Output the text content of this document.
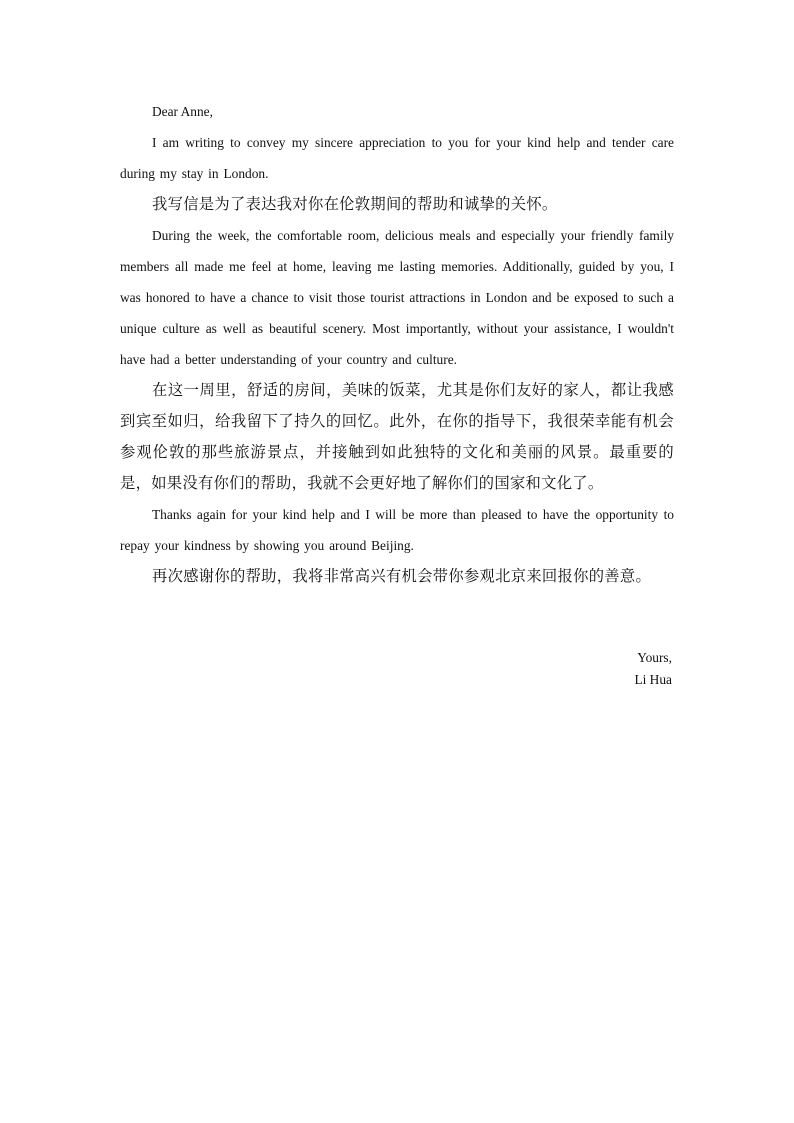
Dear Anne,

I am writing to convey my sincere appreciation to you for your kind help and tender care during my stay in London.

我写信是为了表达我对你在伦敦期间的帮助和诚挚的关怀。

During the week, the comfortable room, delicious meals and especially your friendly family members all made me feel at home, leaving me lasting memories. Additionally, guided by you, I was honored to have a chance to visit those tourist attractions in London and be exposed to such a unique culture as well as beautiful scenery. Most importantly, without your assistance, I wouldn't have had a better understanding of your country and culture.

在这一周里，舒适的房间，美味的饭菜，尤其是你们友好的家人，都让我感到宾至如归，给我留下了持久的回忆。此外，在你的指导下，我很荣幸能有机会参观伦敦的那些旅游景点，并接触到如此独特的文化和美丽的风景。最重要的是，如果没有你们的帮助，我就不会更好地了解你们的国家和文化了。

Thanks again for your kind help and I will be more than pleased to have the opportunity to repay your kindness by showing you around Beijing.

再次感谢你的帮助，我将非常高兴有机会带你参观北京来回报你的善意。

Yours,
Li Hua
